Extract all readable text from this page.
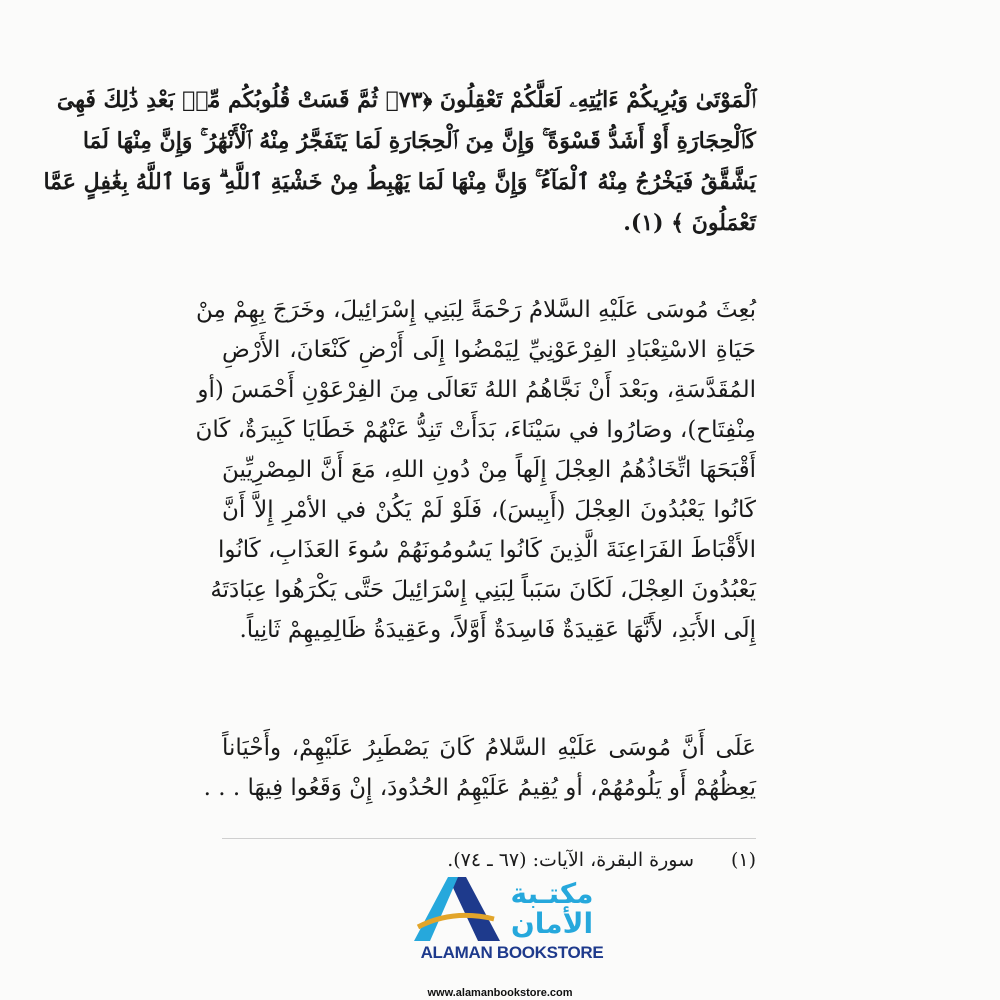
ٱلْمَوْتَىٰ وَيُرِيكُمْ ءَايَٰتِهِۦ لَعَلَّكُمْ تَعْقِلُونَ ﴿٧٣﴾ ثُمَّ قَسَتْ قُلُوبُكُم مِّنۢ بَعْدِ ذَٰلِكَ فَهِىَ
كَٱلْحِجَارَةِ أَوْ أَشَدُّ قَسْوَةً ۚ وَإِنَّ مِنَ ٱلْحِجَارَةِ لَمَا يَتَفَجَّرُ مِنْهُ ٱلْأَنْهَٰرُ ۚ وَإِنَّ مِنْهَا لَمَا
يَشَّقَّقُ فَيَخْرُجُ مِنْهُ ٱلْمَآءُ ۚ وَإِنَّ مِنْهَا لَمَا يَهْبِطُ مِنْ خَشْيَةِ ٱللَّهِ ۗ وَمَا ٱللَّهُ بِغَٰفِلٍ عَمَّا
تَعْمَلُونَ ﴾ (١).
بُعِثَ مُوسَى عَلَيْهِ السَّلامُ رَحْمَةً لِبَنِي إِسْرَائِيلَ، وخَرَجَ بِهِمْ مِنْ
حَيَاةِ الاسْتِعْبَادِ الفِرْعَوْنِيِّ لِيَمْضُوا إِلَى أَرْضِ كَنْعَانَ، الأَرْضِ
المُقَدَّسَةِ، وبَعْدَ أَنْ نَجَّاهُمُ اللهُ تَعَالَى مِنَ الفِرْعَوْنِ أَحْمَسَ (أو
مِنْفِتَاح)، وصَارُوا في سَيْنَاءَ، بَدَأَتْ تَنِدُّ عَنْهُمْ خَطَايَا كَبِيرَةٌ، كَانَ
أَقْبَحَهَا اتِّخَاذُهُمُ العِجْلَ إِلَهاً مِنْ دُونِ اللهِ، مَعَ أَنَّ المِصْرِيِّينَ
كَانُوا يَعْبُدُونَ العِجْلَ (أَبِيسَ)، فَلَوْ لَمْ يَكُنْ في الأمْرِ إِلاَّ أَنَّ
الأَقْبَاطَ الفَرَاعِنَةَ الَّذِينَ كَانُوا يَسُومُونَهُمْ سُوءَ العَذَابِ، كَانُوا
يَعْبُدُونَ العِجْلَ، لَكَانَ سَبَباً لِبَنِي إِسْرَائِيلَ حَتَّى يَكْرَهُوا عِبَادَتَهُ
إِلَى الأَبَدِ، لأَنَّهَا عَقِيدَةٌ فَاسِدَةٌ أَوَّلاً، وعَقِيدَةُ ظَالِمِيهِمْ ثَانِياً.
عَلَى أَنَّ مُوسَى عَلَيْهِ السَّلامُ كَانَ يَصْطَبِرُ عَلَيْهِمْ، وأَحْيَاناً
يَعِظُهُمْ أَو يَلُومُهُمْ، أو يُقِيمُ عَلَيْهِمُ الحُدُودَ، إِنْ وَقَعُوا فِيهَا . . .
(١)سورة البقرة، الآيات: (٦٧ ـ ٧٤).
مكتـبة
الأمان
ALAMAN BOOKSTORE
www.alamanbookstore.com
